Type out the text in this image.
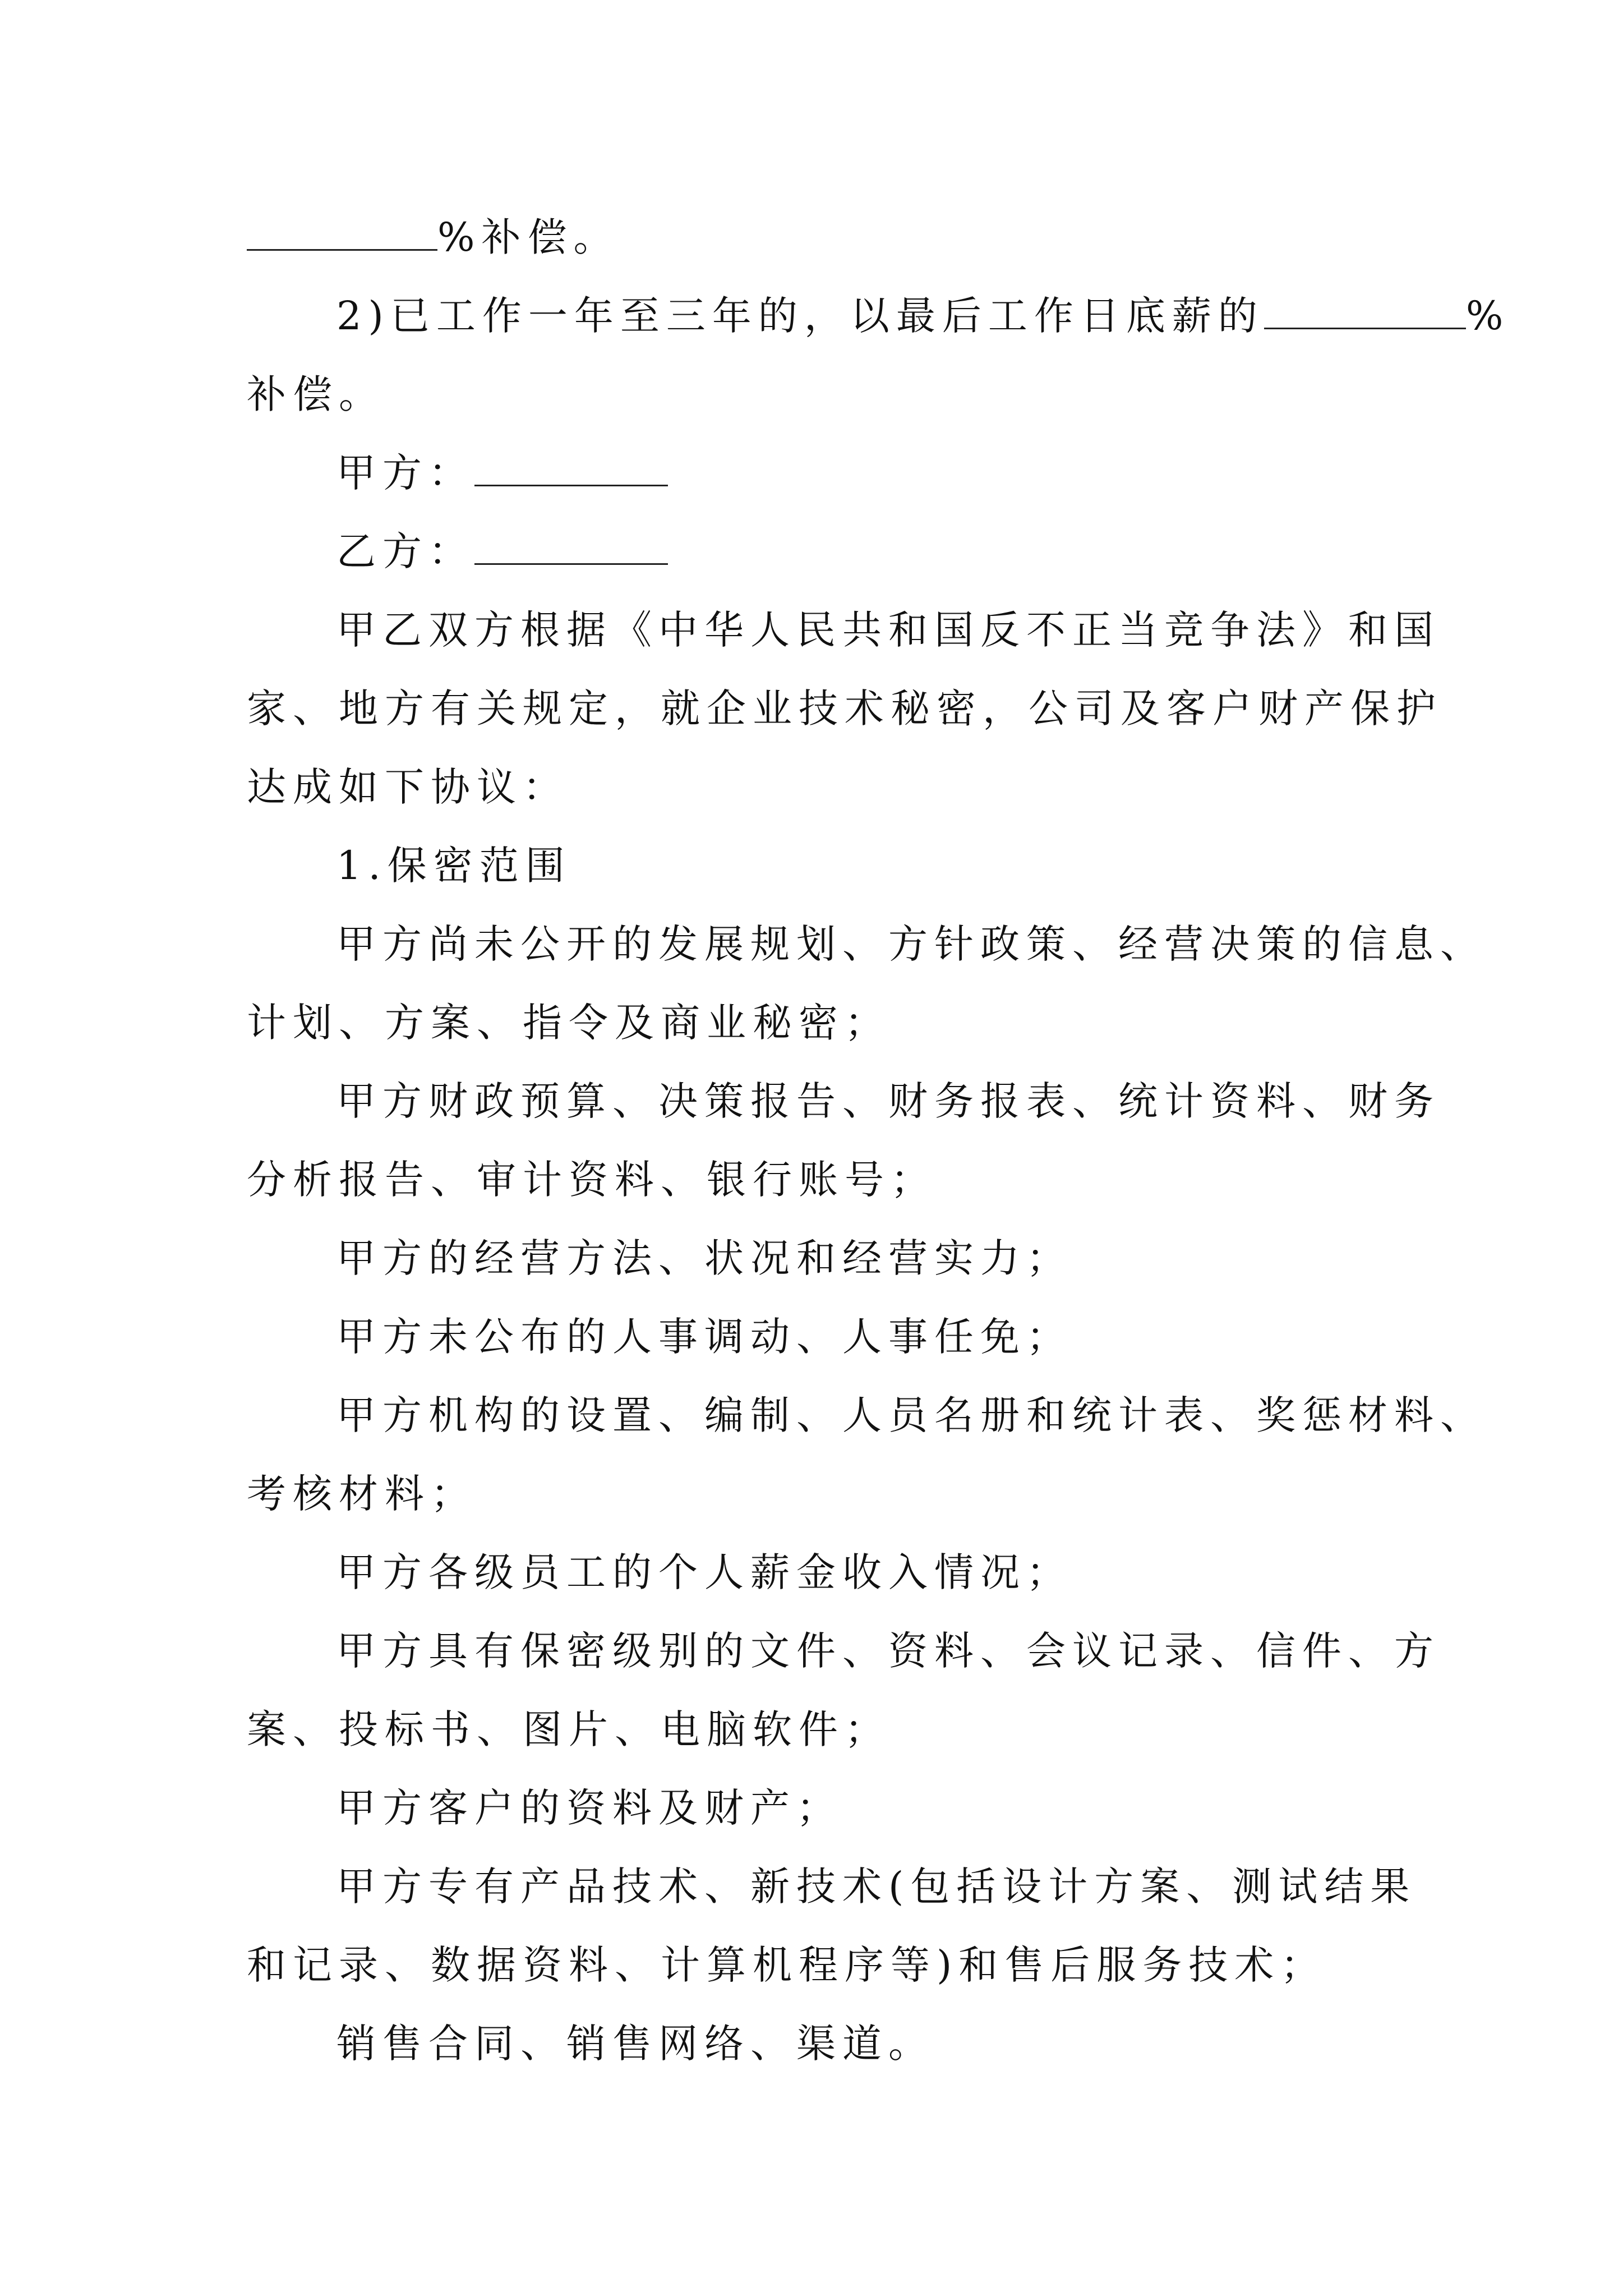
%补偿。
2)已工作一年至三年的，以最后工作日底薪的	%
补偿。
甲方：
乙方：
甲乙双方根据《中华人民共和国反不正当竞争法》和国
家、地方有关规定，就企业技术秘密，公司及客户财产保护
达成如下协议：
1.保密范围
甲方尚未公开的发展规划、方针政策、经营决策的信息、
计划、方案、指令及商业秘密；
甲方财政预算、决策报告、财务报表、统计资料、财务
分析报告、审计资料、银行账号；
甲方的经营方法、状况和经营实力；
甲方未公布的人事调动、人事任免；
甲方机构的设置、编制、人员名册和统计表、奖惩材料、
考核材料；
甲方各级员工的个人薪金收入情况；
甲方具有保密级别的文件、资料、会议记录、信件、方
案、投标书、图片、电脑软件；
甲方客户的资料及财产；
甲方专有产品技术、新技术(包括设计方案、测试结果
和记录、数据资料、计算机程序等)和售后服务技术；
销售合同、销售网络、渠道。
